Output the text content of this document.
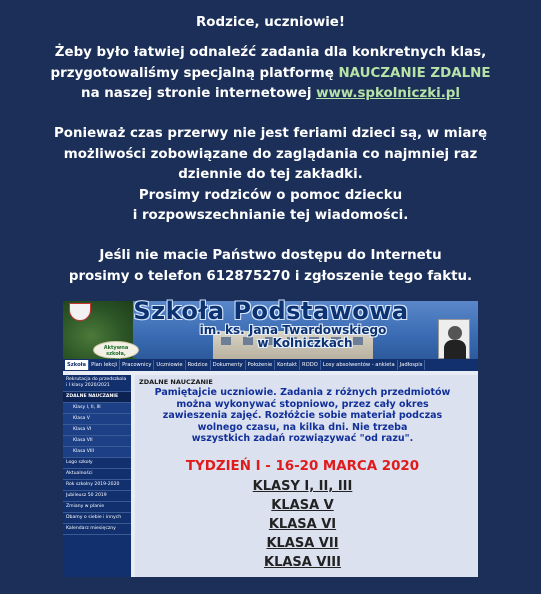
Rodzice, uczniowie!

Żeby było łatwiej odnaleźć zadania dla konkretnych klas,

przygotowaliśmy specjalną platformę NAUCZANIE ZDALNE

na naszej stronie internetowej www.spkolniczki.pl

Ponieważ czas przerwy nie jest feriami dzieci są, w miarę

możliwości zobowiązane do zaglądania co najmniej raz

dziennie do tej zakładki.

Prosimy rodziców o pomoc dziecku

i rozpowszechnianie tej wiadomości.

Jeśli nie macie Państwo dostępu do Internetu

prosimy o telefon 612875270 i zgłoszenie tego faktu.

Szkoła Podstawowa
im. ks. Jana Twardowskiego
w Kolniczkach
Aktywna szkoła,
Szkoła Plan lekcji Pracownicy Uczniowie Rodzice Dokumenty Położenie Kontakt RODO Losy absolwentów - ankieta Jadłospis
Rekrutacja do przedszkola i I klasy 2020/2021
ZDALNE NAUCZANIE
Klasy I, II, III
Klasa V
Klasa VI
Klasa VII
Klasa VIII
Logo szkoły
Aktualności
Rok szkolny 2019-2020
Jubileusz 50 2019
Zmiany w planie
Dbamy o siebie i innych
Kalendarz miesięczny
ZDALNE NAUCZANIE
Pamiętajcie uczniowie. Zadania z różnych przedmiotów
można wykonywać stopniowo, przez cały okres
zawieszenia zajęć. Rozłóżcie sobie materiał podczas
wolnego czasu, na kilka dni. Nie trzeba
wszystkich zadań rozwiązywać "od razu".
TYDZIEŃ I - 16-20 MARCA 2020
KLASY I, II, III
KLASA V
KLASA VI
KLASA VII
KLASA VIII
